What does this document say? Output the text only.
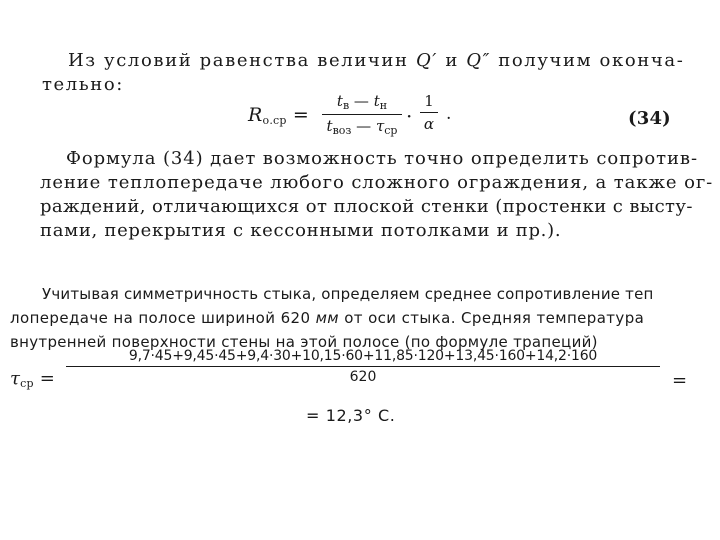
Из условий равенства величин Q′ и Q″ получим оконча-
тельно:
$R_{о.ср}$ =
$t_в$ — $t_н$
$t_{воз}$ — $\tau_{ср}$
·
1
α .	(34)
Формула (34) дает возможность точно определить сопротив-
ление теплопередаче любого сложного ограждения, а также ог-
раждений, отличающихся от плоской стенки (простенки с высту-
пами, перекрытия с кессонными потолками и пр.).
Учитывая симметричность стыка, определяем среднее сопротивление теп
лопередаче на полосе шириной 620 мм от оси стыка. Средняя температура
внутренней поверхности стены на этой полосе (по формуле трапеций)
$\tau_{ср}$ =
9,7·45+9,45·45+9,4·30+10,15·60+11,85·120+13,45·160+14,2·160
620	=
= 12,3° С.
